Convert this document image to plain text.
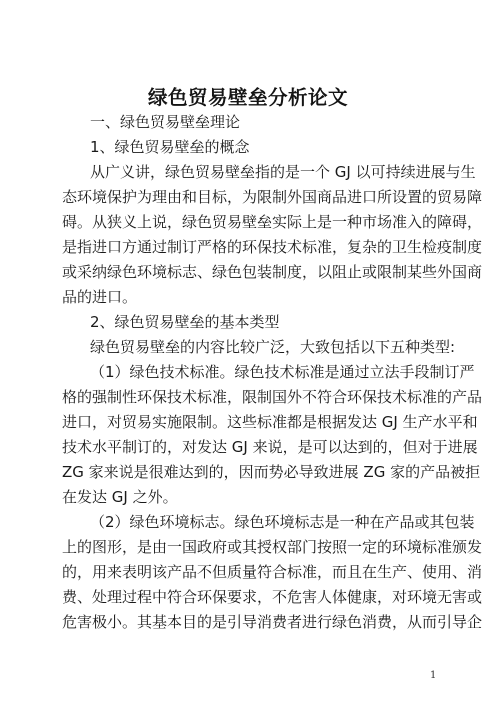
绿色贸易壁垒分析论文
一、绿色贸易壁垒理论
1、绿色贸易壁垒的概念
从广义讲，绿色贸易壁垒指的是一个 GJ 以可持续进展与生
态环境保护为理由和目标，为限制外国商品进口所设置的贸易障
碍。从狭义上说，绿色贸易壁垒实际上是一种市场准入的障碍，
是指进口方通过制订严格的环保技术标准，复杂的卫生检疫制度
或采纳绿色环境标志、绿色包装制度，以阻止或限制某些外国商
品的进口。
2、绿色贸易壁垒的基本类型
绿色贸易壁垒的内容比较广泛，大致包括以下五种类型:
（1）绿色技术标准。绿色技术标准是通过立法手段制订严
格的强制性环保技术标准，限制国外不符合环保技术标准的产品
进口，对贸易实施限制。这些标准都是根据发达 GJ 生产水平和
技术水平制订的，对发达 GJ 来说，是可以达到的，但对于进展
ZG 家来说是很难达到的，因而势必导致进展 ZG 家的产品被拒
在发达 GJ 之外。
（2）绿色环境标志。绿色环境标志是一种在产品或其包装
上的图形，是由一国政府或其授权部门按照一定的环境标准颁发
的，用来表明该产品不但质量符合标准，而且在生产、使用、消
费、处理过程中符合环保要求，不危害人体健康，对环境无害或
危害极小。其基本目的是引导消费者进行绿色消费，从而引导企
1
